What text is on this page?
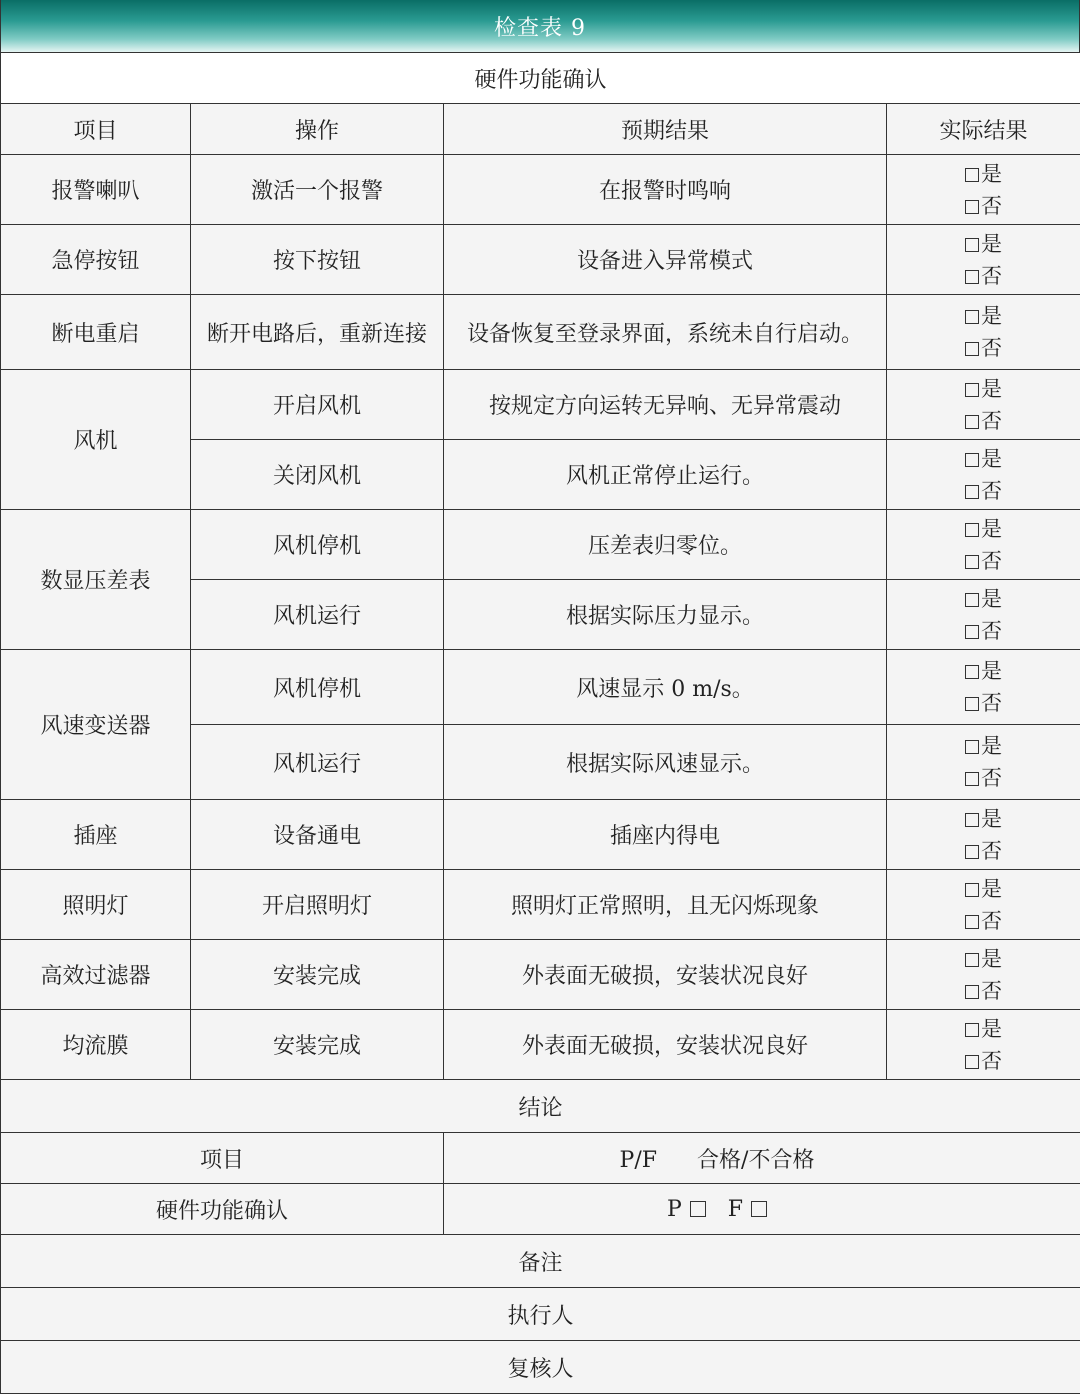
检查表 9
硬件功能确认			
项目	操作	预期结果	实际结果
报警喇叭	激活一个报警	在报警时鸣响	是
否

急停按钮	按下按钮	设备进入异常模式	是
否

断电重启	断开电路后，重新连接	设备恢复至登录界面，系统未自行启动。	是
否

风机	开启风机	按规定方向运转无异响、无异常震动	是
否

	关闭风机	风机正常停止运行。	是
否

数显压差表	风机停机	压差表归零位。	是
否

	风机运行	根据实际压力显示。	是
否

风速变送器	风机停机	风速显示 0 m/s。	是
否

	风机运行	根据实际风速显示。	是
否

插座	设备通电	插座内得电	是
否

照明灯	开启照明灯	照明灯正常照明，且无闪烁现象	是
否

高效过滤器	安装完成	外表面无破损，安装状况良好	是
否

均流膜	安装完成	外表面无破损，安装状况良好	是
否

结论			
项目		P/F 合格/不合格	
硬件功能确认		P F	
备注			
执行人			
复核人			
